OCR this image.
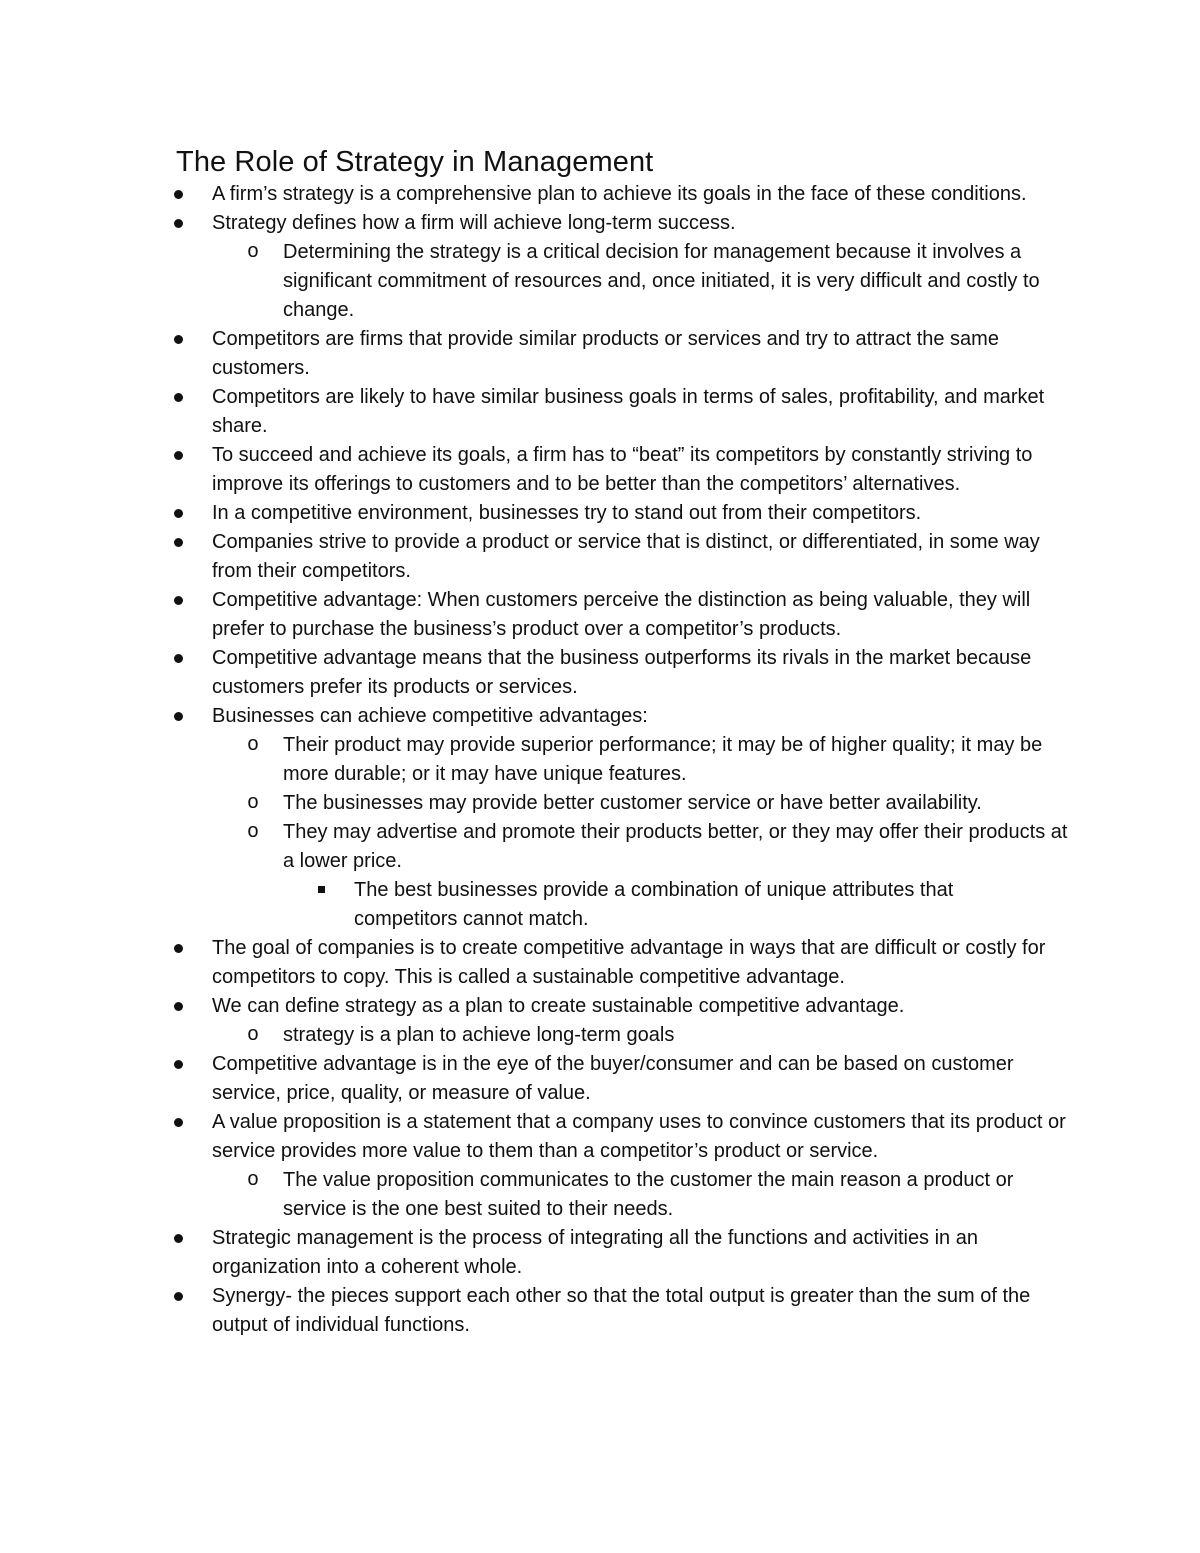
The Role of Strategy in Management
A firm’s strategy is a comprehensive plan to achieve its goals in the face of these conditions.
Strategy defines how a firm will achieve long-term success.
o Determining the strategy is a critical decision for management because it involves a significant commitment of resources and, once initiated, it is very difficult and costly to change.
Competitors are firms that provide similar products or services and try to attract the same customers.
Competitors are likely to have similar business goals in terms of sales, profitability, and market share.
To succeed and achieve its goals, a firm has to “beat” its competitors by constantly striving to improve its offerings to customers and to be better than the competitors’ alternatives.
In a competitive environment, businesses try to stand out from their competitors.
Companies strive to provide a product or service that is distinct, or differentiated, in some way from their competitors.
Competitive advantage: When customers perceive the distinction as being valuable, they will prefer to purchase the business’s product over a competitor’s products.
Competitive advantage means that the business outperforms its rivals in the market because customers prefer its products or services.
Businesses can achieve competitive advantages:
o Their product may provide superior performance; it may be of higher quality; it may be more durable; or it may have unique features.
o The businesses may provide better customer service or have better availability.
o They may advertise and promote their products better, or they may offer their products at a lower price.
The best businesses provide a combination of unique attributes that competitors cannot match.
The goal of companies is to create competitive advantage in ways that are difficult or costly for competitors to copy. This is called a sustainable competitive advantage.
We can define strategy as a plan to create sustainable competitive advantage.
o strategy is a plan to achieve long-term goals
Competitive advantage is in the eye of the buyer/consumer and can be based on customer service, price, quality, or measure of value.
A value proposition is a statement that a company uses to convince customers that its product or service provides more value to them than a competitor’s product or service.
o The value proposition communicates to the customer the main reason a product or service is the one best suited to their needs.
Strategic management is the process of integrating all the functions and activities in an organization into a coherent whole.
Synergy- the pieces support each other so that the total output is greater than the sum of the output of individual functions.
